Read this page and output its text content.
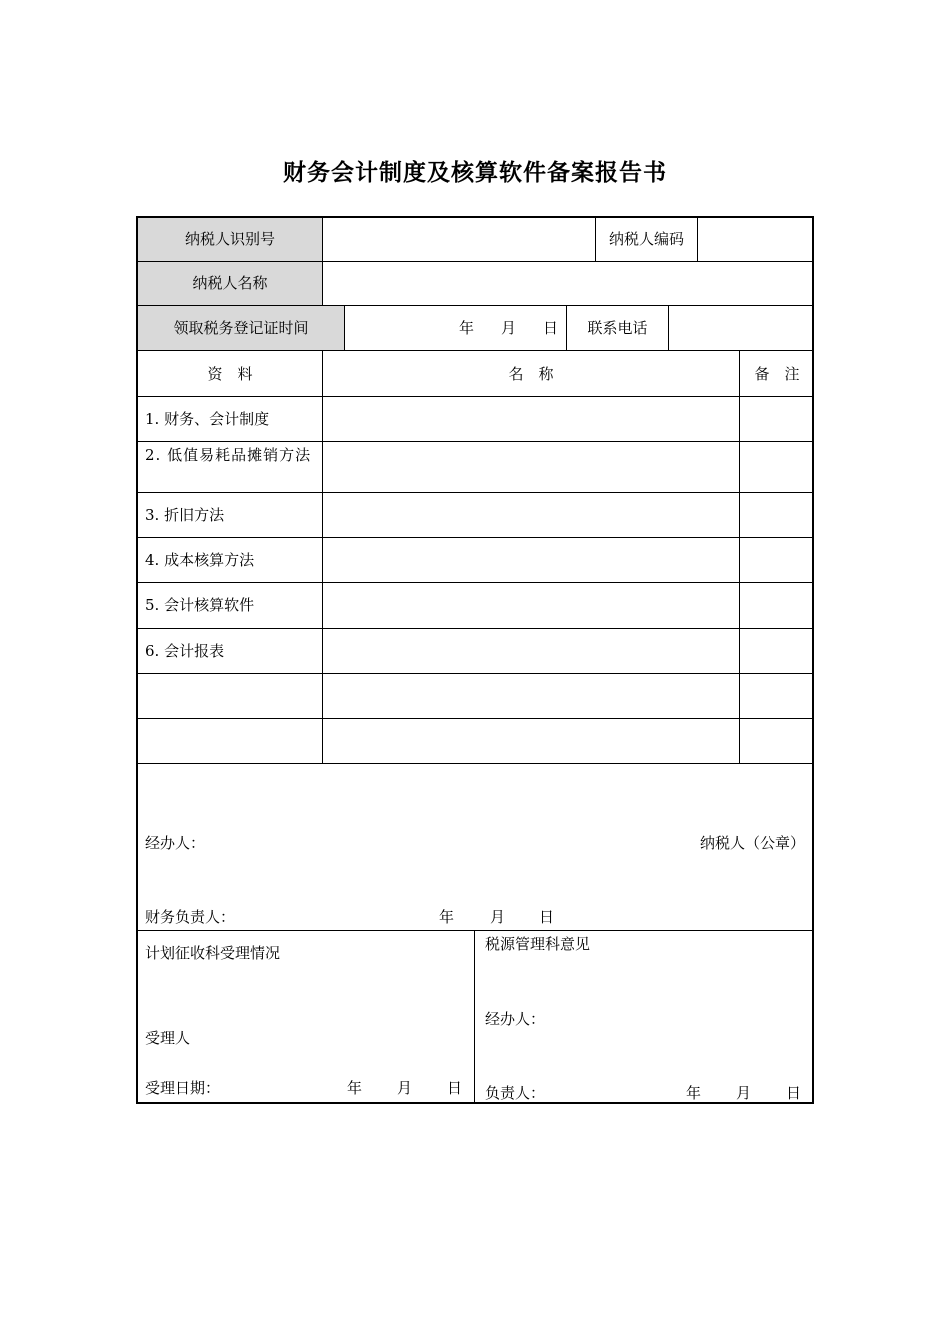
财务会计制度及核算软件备案报告书
纳税人识别号	纳税人编码
纳税人名称
领取税务登记证时间	年 月 日	联系电话
资　料	名　称	备　注
1. 财务、会计制度
2. 低值易耗品摊销方法
3. 折旧方法
4. 成本核算方法
5. 会计核算软件
6. 会计报表
经办人：	纳税人（公章）
财务负责人：	年 月 日
计划征收科受理情况
受理人
受理日期：	年 月 日
税源管理科意见
经办人：
负责人：	年 月 日
